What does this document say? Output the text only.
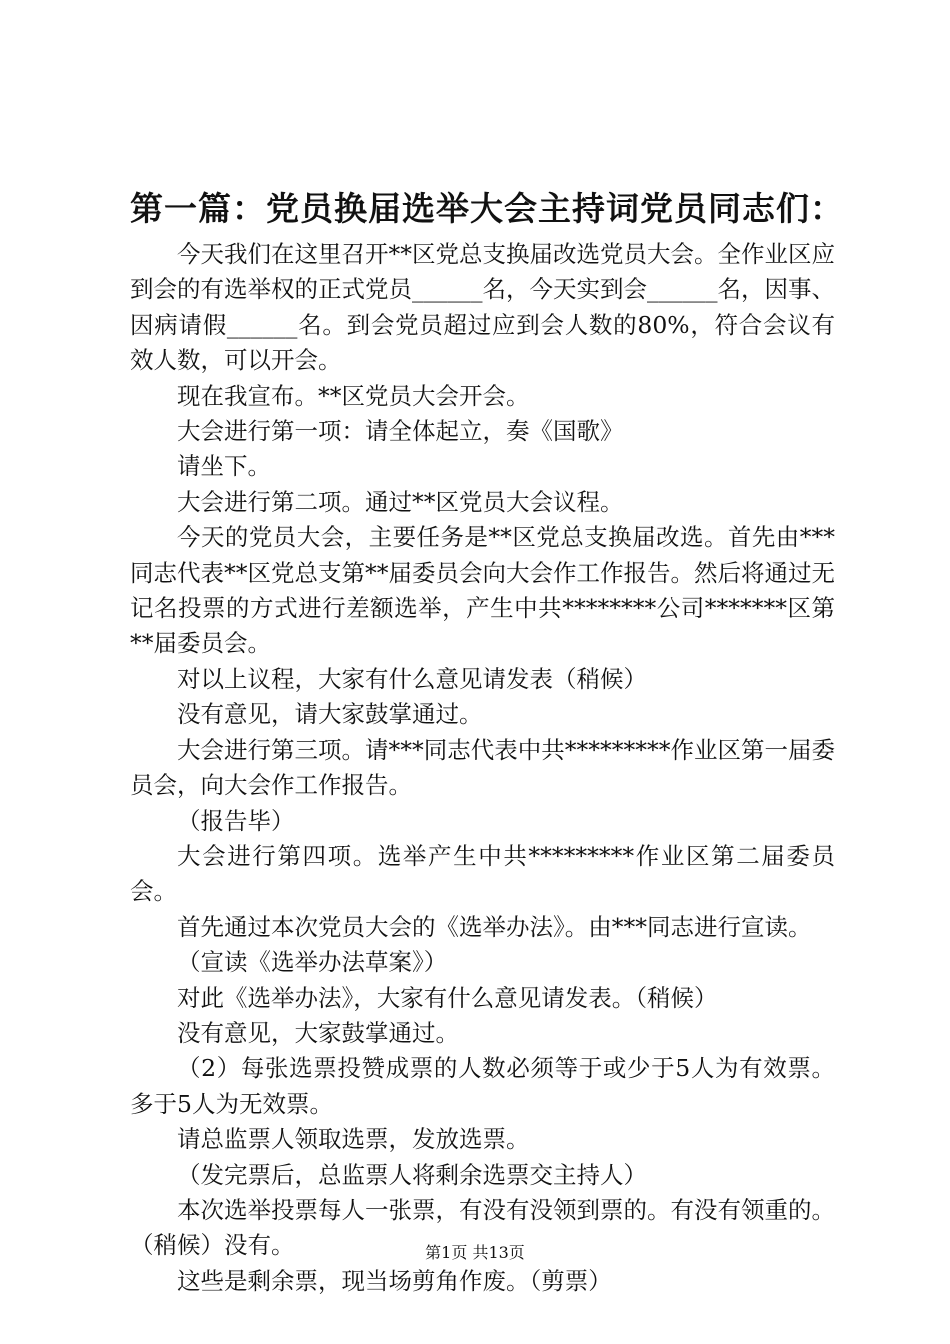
第一篇：党员换届选举大会主持词党员同志们：

今天我们在这里召开**区党总支换届改选党员大会。全作业区应到会的有选举权的正式党员______名，今天实到会______名，因事、因病请假______名。到会党员超过应到会人数的80%，符合会议有效人数，可以开会。

现在我宣布。**区党员大会开会。

大会进行第一项：请全体起立，奏《国歌》

请坐下。

大会进行第二项。通过**区党员大会议程。

今天的党员大会，主要任务是**区党总支换届改选。首先由***同志代表**区党总支第**届委员会向大会作工作报告。然后将通过无记名投票的方式进行差额选举，产生中共********公司*******区第**届委员会。

对以上议程，大家有什么意见请发表（稍候）

没有意见，请大家鼓掌通过。

大会进行第三项。请***同志代表中共*********作业区第一届委员会，向大会作工作报告。

（报告毕）

大会进行第四项。选举产生中共*********作业区第二届委员会。

首先通过本次党员大会的《选举办法》。由***同志进行宣读。

（宣读《选举办法草案》）

对此《选举办法》，大家有什么意见请发表。（稍候）

没有意见，大家鼓掌通过。

（2）每张选票投赞成票的人数必须等于或少于5人为有效票。多于5人为无效票。

请总监票人领取选票，发放选票。

（发完票后，总监票人将剩余选票交主持人）

本次选举投票每人一张票，有没有没领到票的。有没有领重的。（稍候）没有。

这些是剩余票，现当场剪角作废。（剪票）

第1页 共13页
